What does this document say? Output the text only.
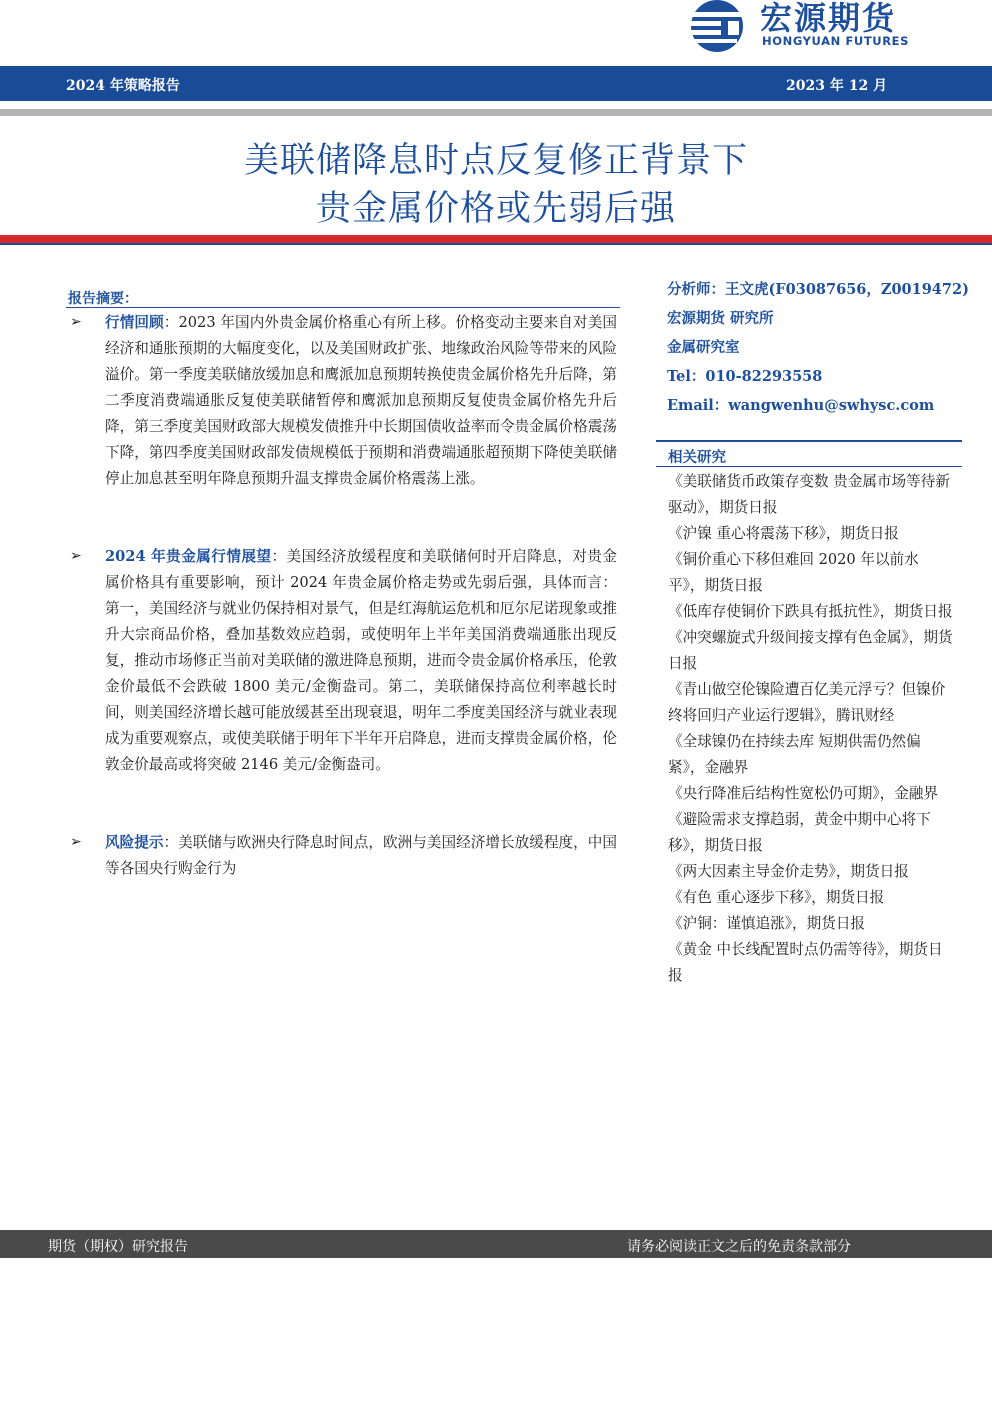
宏源期货
HONGYUAN FUTURES
2024 年策略报告	2023 年 12 月
美联储降息时点反复修正背景下
贵金属价格或先弱后强
报告摘要：
➢ 行情回顾：2023 年国内外贵金属价格重心有所上移。价格变动主要来自对美国经济和通胀预期的大幅度变化，以及美国财政扩张、地缘政治风险等带来的风险溢价。第一季度美联储放缓加息和鹰派加息预期转换使贵金属价格先升后降，第二季度消费端通胀反复使美联储暂停和鹰派加息预期反复使贵金属价格先升后降，第三季度美国财政部大规模发债推升中长期国债收益率而令贵金属价格震荡下降，第四季度美国财政部发债规模低于预期和消费端通胀超预期下降使美联储停止加息甚至明年降息预期升温支撑贵金属价格震荡上涨。

➢ 2024 年贵金属行情展望：美国经济放缓程度和美联储何时开启降息，对贵金属价格具有重要影响，预计 2024 年贵金属价格走势或先弱后强，具体而言：第一，美国经济与就业仍保持相对景气，但是红海航运危机和厄尔尼诺现象或推升大宗商品价格，叠加基数效应趋弱，或使明年上半年美国消费端通胀出现反复，推动市场修正当前对美联储的激进降息预期，进而令贵金属价格承压，伦敦金价最低不会跌破 1800 美元/金衡盎司。第二，美联储保持高位利率越长时间，则美国经济增长越可能放缓甚至出现衰退，明年二季度美国经济与就业表现成为重要观察点，或使美联储于明年下半年开启降息，进而支撑贵金属价格，伦敦金价最高或将突破 2146 美元/金衡盎司。

➢ 风险提示：美联储与欧洲央行降息时间点，欧洲与美国经济增长放缓程度，中国等各国央行购金行为

分析师：王文虎(F03087656，Z0019472)
宏源期货 研究所
金属研究室
Tel：010-82293558
Email：wangwenhu@swhysc.com
相关研究
《美联储货币政策存变数 贵金属市场等待新驱动》，期货日报
《沪镍 重心将震荡下移》，期货日报
《铜价重心下移但难回 2020 年以前水平》，期货日报
《低库存使铜价下跌具有抵抗性》，期货日报
《冲突螺旋式升级间接支撑有色金属》，期货日报
《青山做空伦镍险遭百亿美元浮亏？但镍价终将回归产业运行逻辑》，腾讯财经
《全球镍仍在持续去库 短期供需仍然偏紧》，金融界
《央行降准后结构性宽松仍可期》，金融界
《避险需求支撑趋弱，黄金中期中心将下移》，期货日报
《两大因素主导金价走势》，期货日报
《有色 重心逐步下移》，期货日报
《沪铜：谨慎追涨》，期货日报
《黄金 中长线配置时点仍需等待》，期货日报
期货（期权）研究报告	请务必阅读正文之后的免责条款部分
